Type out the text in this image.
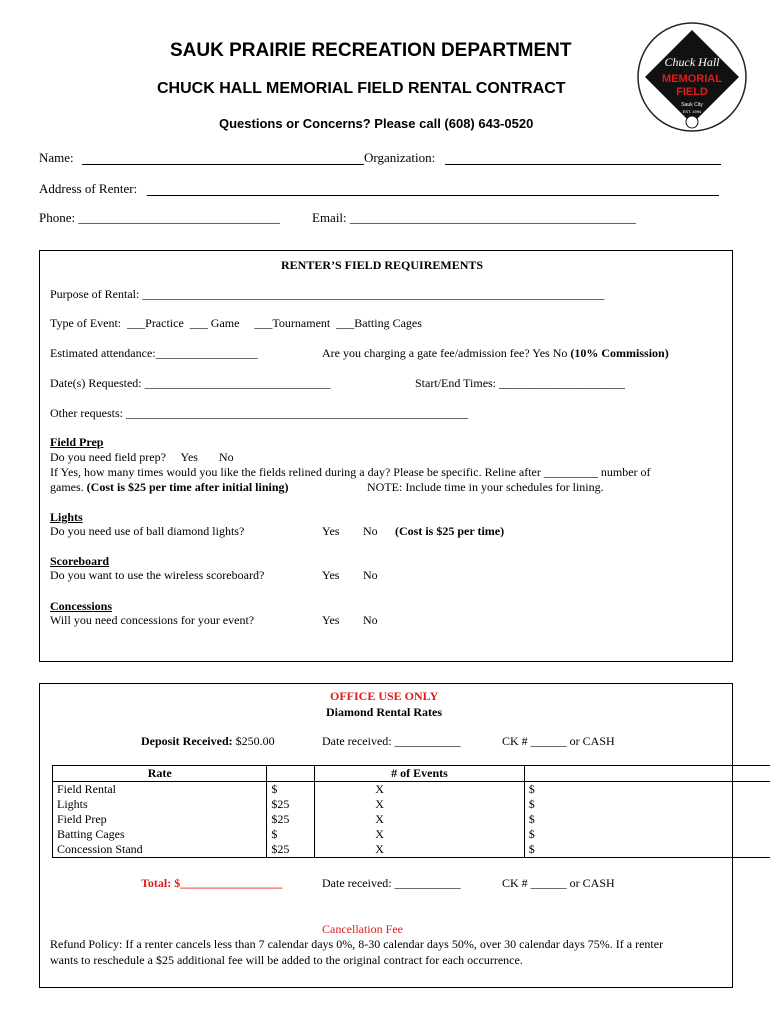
SAUK PRAIRIE RECREATION DEPARTMENT
CHUCK HALL MEMORIAL FIELD RENTAL CONTRACT
Questions or Concerns? Please call (608) 643-0520
Chuck Hall
MEMORIAL
FIELD
Sauk City
EST. 1994
Name:	Organization:
Address of Renter:
Phone: _______________________________ Email: ____________________________________________
RENTER’S FIELD REQUIREMENTS
Purpose of Rental: _____________________________________________________________________________
Type of Event:  ___Practice  ___ Game     ___Tournament  ___Batting Cages
Estimated attendance:_________________	Are you charging a gate fee/admission fee? Yes No (10% Commission)
Date(s) Requested: _______________________________	Start/End Times: _____________________
Other requests: _________________________________________________________
Field Prep
Do you need field prep?     Yes       No
If Yes, how many times would you like the fields relined during a day? Please be specific. Reline after _________ number of
games. (Cost is $25 per time after initial lining)	NOTE: Include time in your schedules for lining.
Lights
Do you need use of ball diamond lights?	Yes No (Cost is $25 per time)
Scoreboard
Do you want to use the wireless scoreboard?	Yes No
Concessions
Will you need concessions for your event?	Yes No
OFFICE USE ONLY
Diamond Rental Rates
Deposit Received: $250.00	Date received: ___________	CK # ______ or CASH
Rate		# of Events	
Field Rental	$	X	$
Lights	$25	X	$
Field Prep	$25	X	$
Batting Cages	$	X	$
Concession Stand	$25	X	$
Total: $_________________	Date received: ___________	CK # ______ or CASH
Cancellation Fee
Refund Policy: If a renter cancels less than 7 calendar days 0%, 8-30 calendar days 50%, over 30 calendar days 75%. If a renter
wants to reschedule a $25 additional fee will be added to the original contract for each occurrence.
